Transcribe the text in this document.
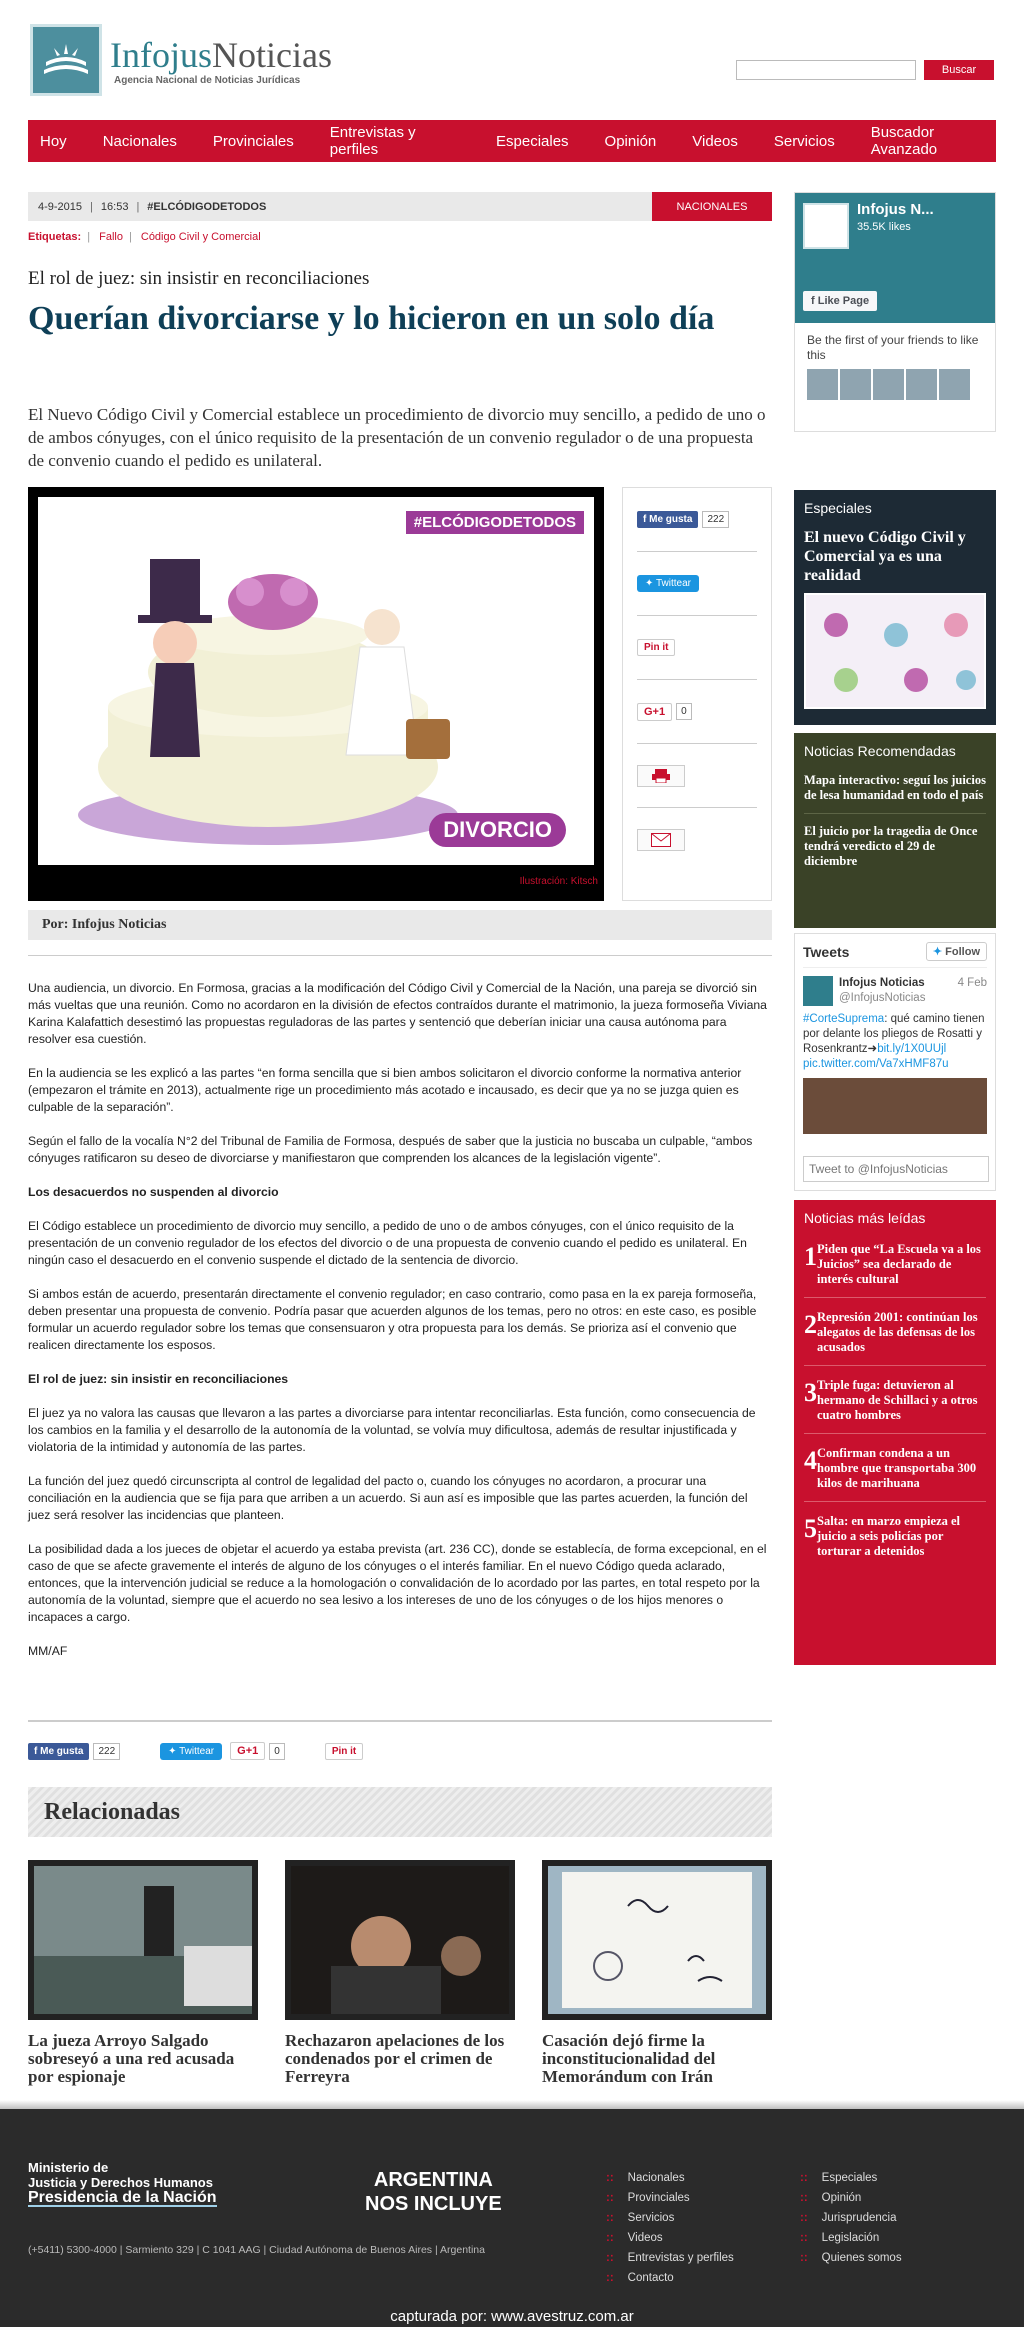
InfojusNoticias
Agencia Nacional de Noticias Jurídicas
Buscar
Hoy Nacionales Provinciales Entrevistas y perfiles	Especiales Opinión Videos Servicios Buscador Avanzado
4-9-2015 | 16:53 | #ELCÓDIGODETODOS	NACIONALES
Etiquetas: | Fallo | Código Civil y Comercial
El rol de juez: sin insistir en reconciliaciones
Querían divorciarse y lo hicieron en un solo día
El Nuevo Código Civil y Comercial establece un procedimiento de divorcio muy sencillo, a pedido de uno o de ambos cónyuges, con el único requisito de la presentación de un convenio regulador o de una propuesta de convenio cuando el pedido es unilateral.
#ELCÓDIGODETODOS
DIVORCIO
Ilustración: Kitsch
f Me gusta	222
✦ Twittear
Pin it
G+1	0
Por: Infojus Noticias

Una audiencia, un divorcio. En Formosa, gracias a la modificación del Código Civil y Comercial de la Nación, una pareja se divorció sin más vueltas que una reunión. Como no acordaron en la división de efectos contraídos durante el matrimonio, la jueza formoseña Viviana Karina Kalafattich desestimó las propuestas reguladoras de las partes y sentenció que deberían iniciar una causa autónoma para resolver esa cuestión.

En la audiencia se les explicó a las partes “en forma sencilla que si bien ambos solicitaron el divorcio conforme la normativa anterior (empezaron el trámite en 2013), actualmente rige un procedimiento más acotado e incausado, es decir que ya no se juzga quien es culpable de la separación”.

Según el fallo de la vocalía N°2 del Tribunal de Familia de Formosa, después de saber que la justicia no buscaba un culpable, “ambos cónyuges ratificaron su deseo de divorciarse y manifiestaron que comprenden los alcances de la legislación vigente”.

Los desacuerdos no suspenden al divorcio

El Código establece un procedimiento de divorcio muy sencillo, a pedido de uno o de ambos cónyuges, con el único requisito de la presentación de un convenio regulador de los efectos del divorcio o de una propuesta de convenio cuando el pedido es unilateral. En ningún caso el desacuerdo en el convenio suspende el dictado de la sentencia de divorcio.

Si ambos están de acuerdo, presentarán directamente el convenio regulador; en caso contrario, como pasa en la ex pareja formoseña, deben presentar una propuesta de convenio. Podría pasar que acuerden algunos de los temas, pero no otros: en este caso, es posible formular un acuerdo regulador sobre los temas que consensuaron y otra propuesta para los demás. Se prioriza así el convenio que realicen directamente los esposos.

El rol de juez: sin insistir en reconciliaciones

El juez ya no valora las causas que llevaron a las partes a divorciarse para intentar reconciliarlas. Esta función, como consecuencia de los cambios en la familia y el desarrollo de la autonomía de la voluntad, se volvía muy dificultosa, además de resultar injustificada y violatoria de la intimidad y autonomía de las partes.

La función del juez quedó circunscripta al control de legalidad del pacto o, cuando los cónyuges no acordaron, a procurar una conciliación en la audiencia que se fija para que arriben a un acuerdo. Si aun así es imposible que las partes acuerden, la función del juez será resolver las incidencias que planteen.

La posibilidad dada a los jueces de objetar el acuerdo ya estaba prevista (art. 236 CC), donde se establecía, de forma excepcional, en el caso de que se afecte gravemente el interés de alguno de los cónyuges o el interés familiar. En el nuevo Código queda aclarado, entonces, que la intervención judicial se reduce a la homologación o convalidación de lo acordado por las partes, en total respeto por la autonomía de la voluntad, siempre que el acuerdo no sea lesivo a los intereses de uno de los cónyuges o de los hijos menores o incapaces a cargo.

MM/AF

f Me gusta	222	✦ Twittear	G+1	0	Pin it
Relacionadas
La jueza Arroyo Salgado sobreseyó a una red acusada por espionaje
Rechazaron apelaciones de los condenados por el crimen de Ferreyra
Casación dejó firme la inconstitucionalidad del Memorándum con Irán
Infojus N...
35.5K likes
f Like Page
Be the first of your friends to like this
Especiales
El nuevo Código Civil y Comercial ya es una realidad
Noticias Recomendadas
Mapa interactivo: seguí los juicios de lesa humanidad en todo el país
El juicio por la tragedia de Once tendrá veredicto el 29 de diciembre
Tweets	✦ Follow
Infojus Noticias	4 Feb
@InfojusNoticias
#CorteSuprema: qué camino tienen por delante los pliegos de Rosatti y Rosenkrantz➜bit.ly/1X0UUjl pic.twitter.com/Va7xHMF87u
Tweet to @InfojusNoticias
Noticias más leídas
1 Piden que “La Escuela va a los Juicios” sea declarado de interés cultural
2 Represión 2001: continúan los alegatos de las defensas de los acusados
3 Triple fuga: detuvieron al hermano de Schillaci y a otros cuatro hombres
4 Confirman condena a un hombre que transportaba 300 kilos de marihuana
5 Salta: en marzo empieza el juicio a seis policías por torturar a detenidos
Ministerio de
Justicia y Derechos Humanos
Presidencia de la Nación
ARGENTINA
NOS INCLUYE
(+5411) 5300-4000 | Sarmiento 329 | C 1041 AAG | Ciudad Autónoma de Buenos Aires | Argentina
:: Nacionales
:: Provinciales
:: Servicios
:: Videos
:: Entrevistas y perfiles
:: Contacto
:: Especiales
:: Opinión
:: Jurisprudencia
:: Legislación
:: Quienes somos
capturada por: www.avestruz.com.ar
